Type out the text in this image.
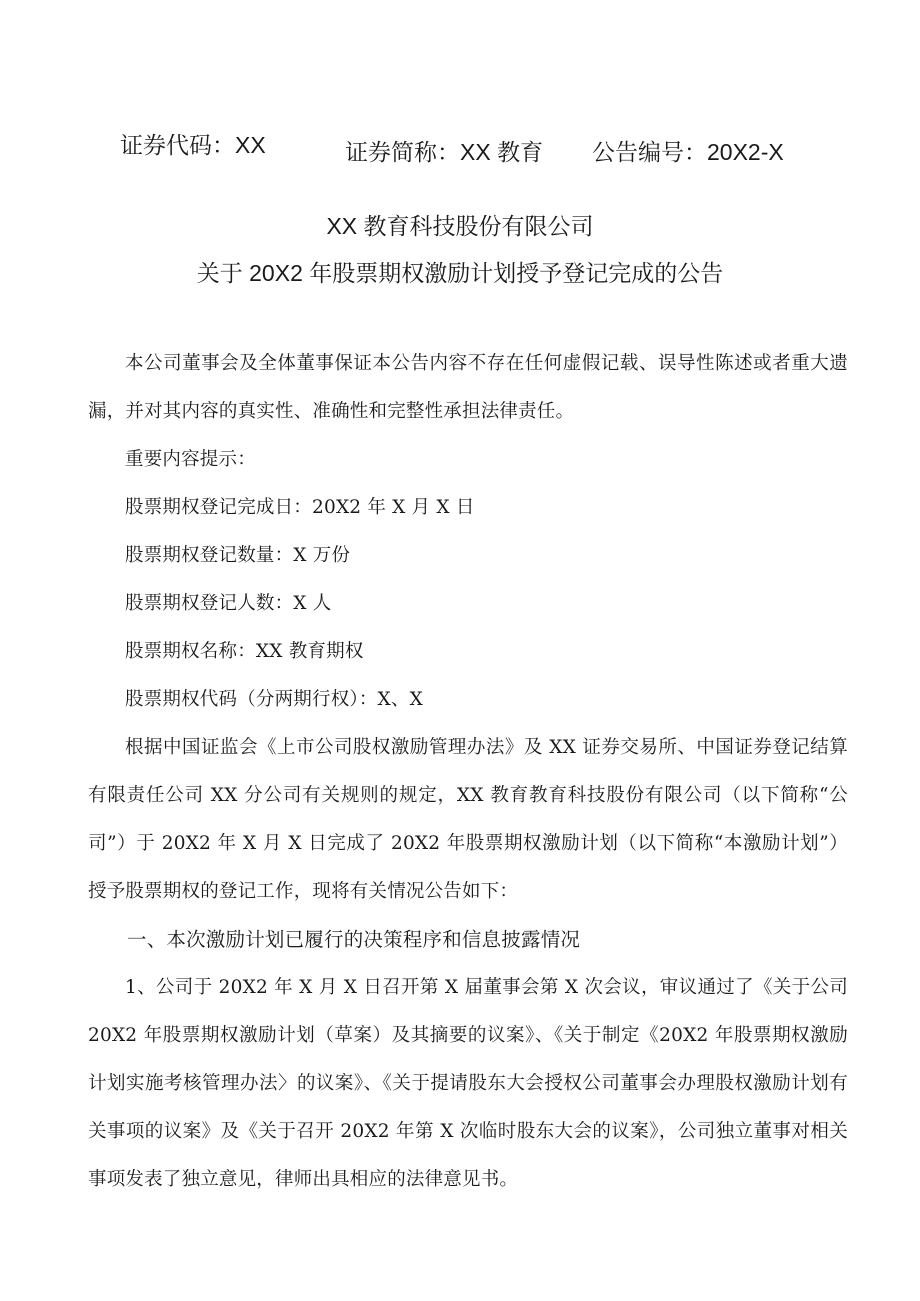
证券代码：XX	证券简称：XX 教育 公告编号：20X2-X
XX 教育科技股份有限公司
关于 20X2 年股票期权激励计划授予登记完成的公告

本公司董事会及全体董事保证本公告内容不存在任何虚假记载、误导性陈述或者重大遗漏，并对其内容的真实性、准确性和完整性承担法律责任。

重要内容提示：

股票期权登记完成日：20X2 年 X 月 X 日

股票期权登记数量：X 万份

股票期权登记人数：X 人

股票期权名称：XX 教育期权

股票期权代码（分两期行权）：X、X

根据中国证监会《上市公司股权激励管理办法》及 XX 证券交易所、中国证券登记结算有限责任公司 XX 分公司有关规则的规定，XX 教育教育科技股份有限公司（以下简称“公司”）于 20X2 年 X 月 X 日完成了 20X2 年股票期权激励计划（以下简称“本激励计划”）授予股票期权的登记工作，现将有关情况公告如下：

一、本次激励计划已履行的决策程序和信息披露情况

1、公司于 20X2 年 X 月 X 日召开第 X 届董事会第 X 次会议，审议通过了《关于公司 20X2 年股票期权激励计划（草案）及其摘要的议案》、《关于制定《20X2 年股票期权激励计划实施考核管理办法〉的议案》、《关于提请股东大会授权公司董事会办理股权激励计划有关事项的议案》及《关于召开 20X2 年第 X 次临时股东大会的议案》，公司独立董事对相关事项发表了独立意见，律师出具相应的法律意见书。
